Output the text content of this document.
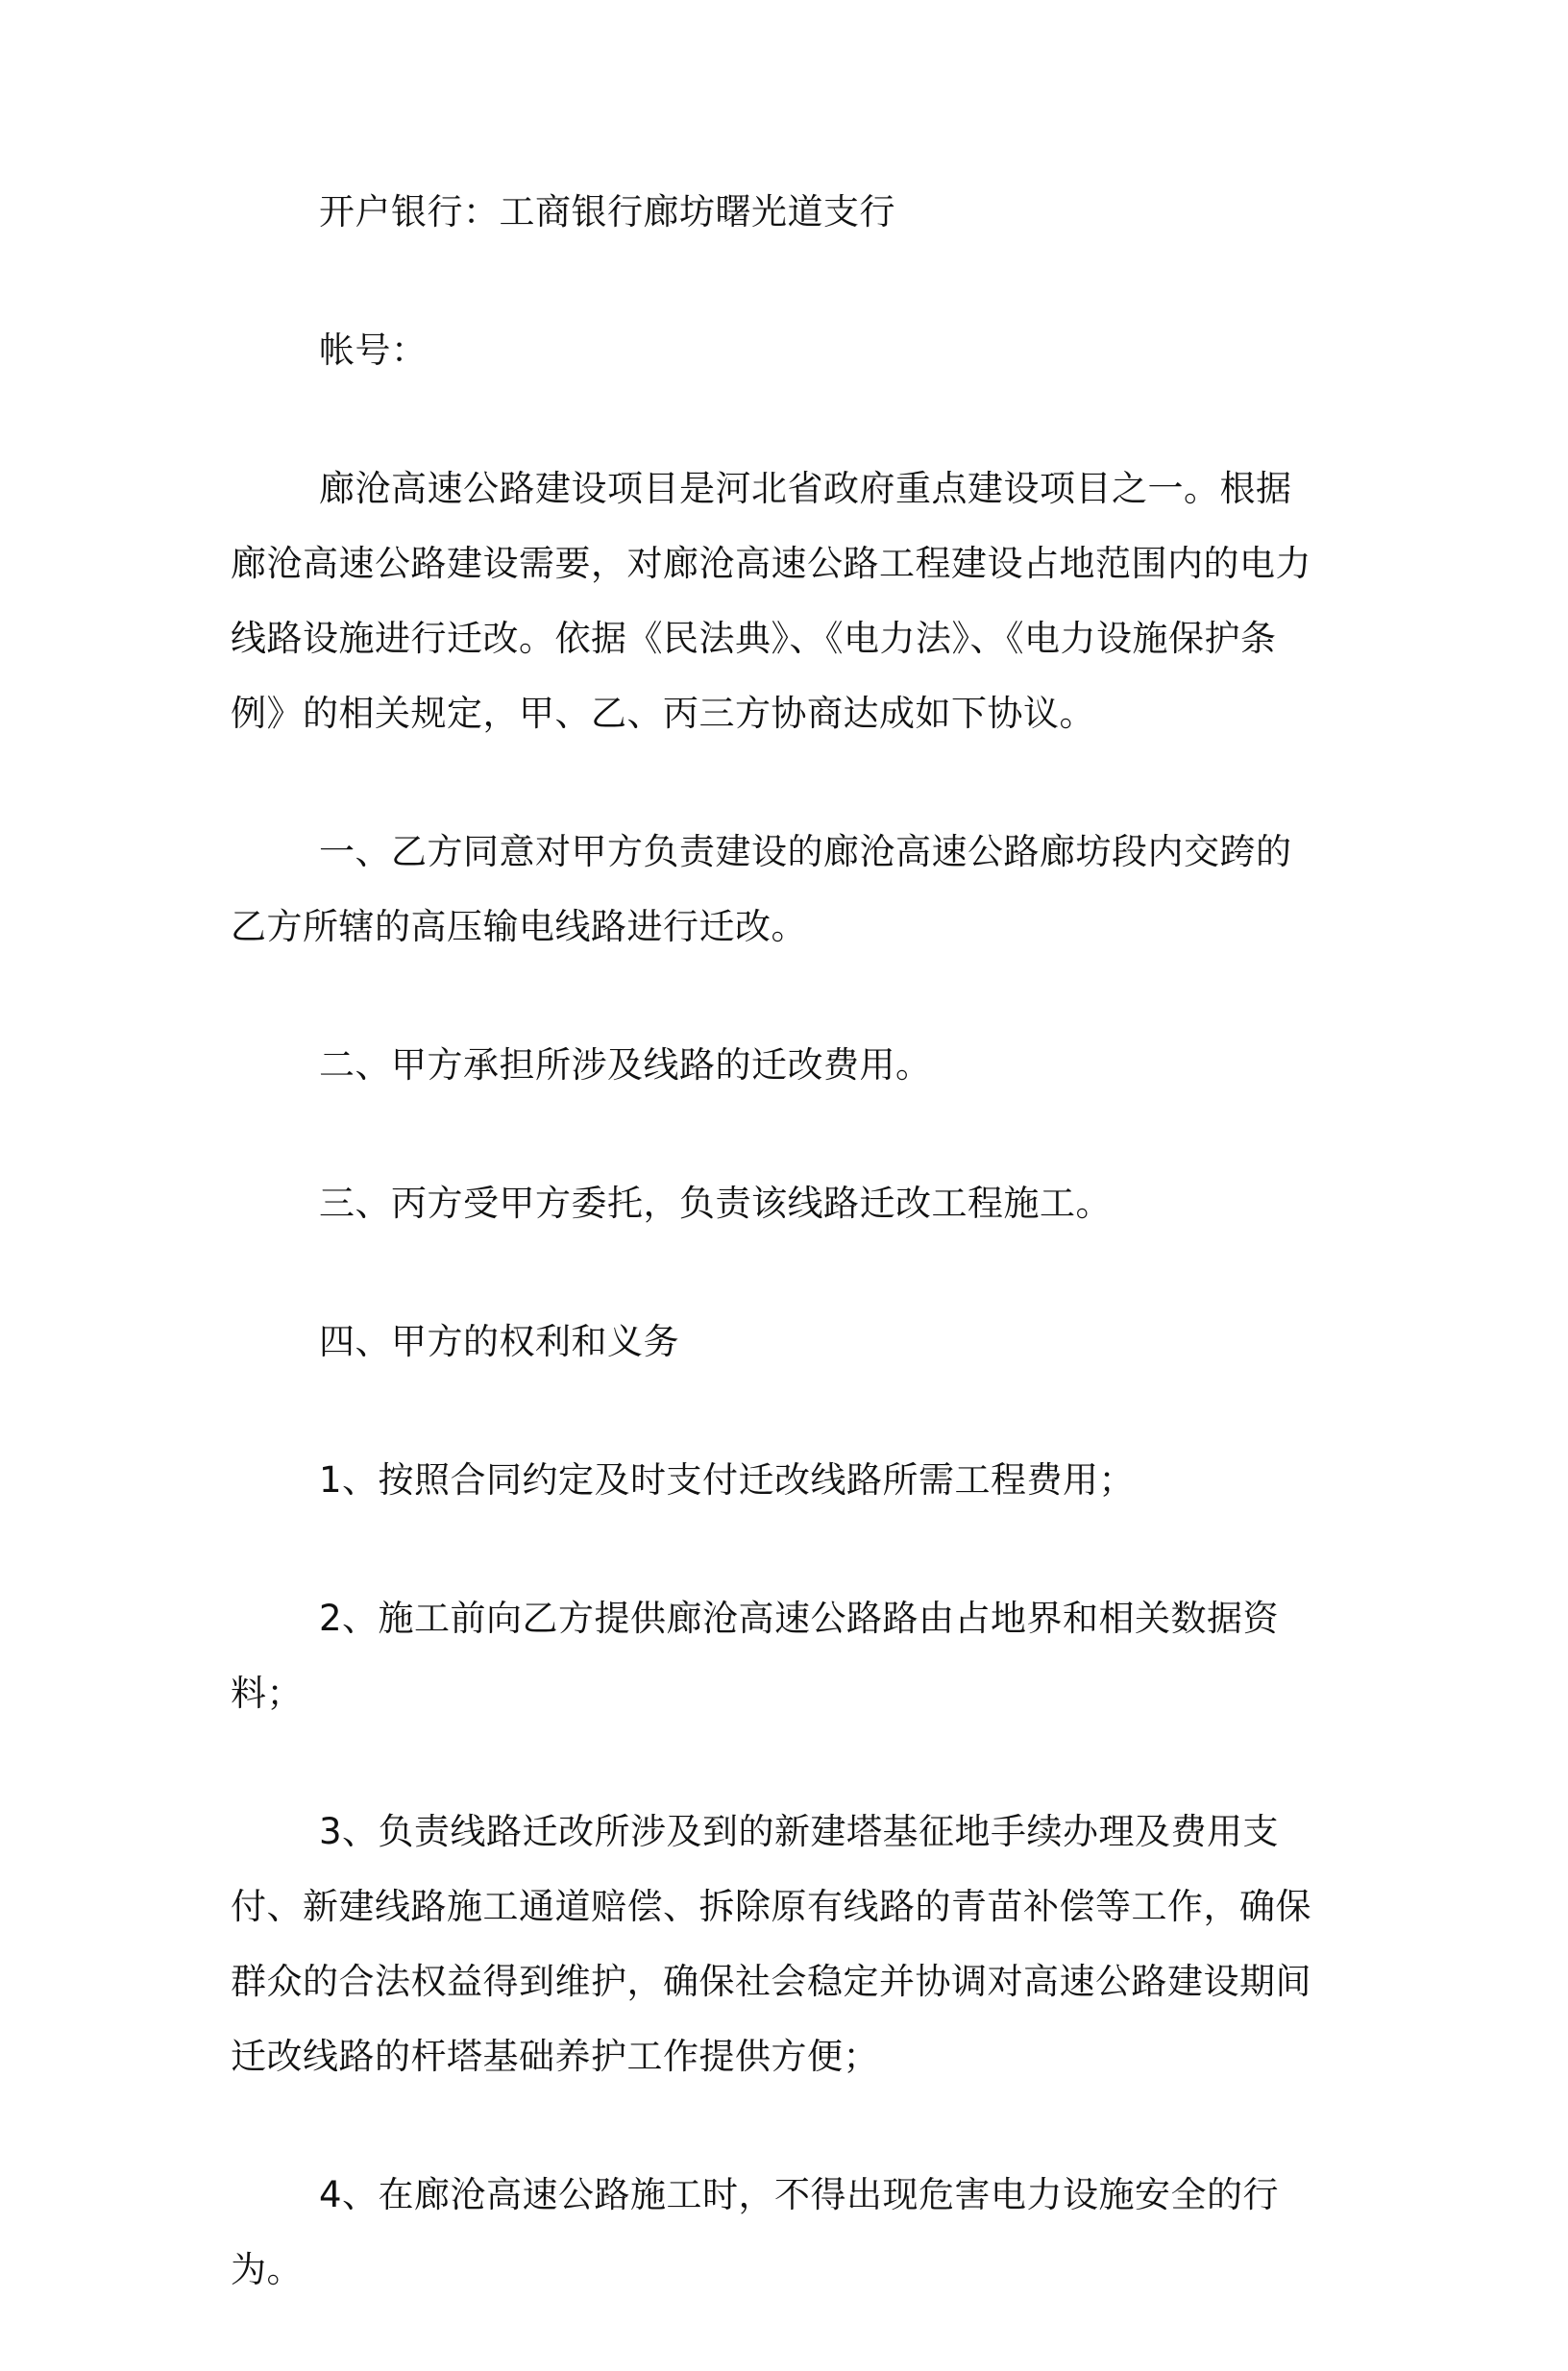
开户银行：工商银行廊坊曙光道支行

帐号：

廊沧高速公路建设项目是河北省政府重点建设项目之一。根据廊沧高速公路建设需要，对廊沧高速公路工程建设占地范围内的电力线路设施进行迁改。依据《民法典》、《电力法》、《电力设施保护条例》的相关规定，甲、乙、丙三方协商达成如下协议。

一、乙方同意对甲方负责建设的廊沧高速公路廊坊段内交跨的乙方所辖的高压输电线路进行迁改。

二、甲方承担所涉及线路的迁改费用。

三、丙方受甲方委托，负责该线路迁改工程施工。

四、甲方的权利和义务

1、按照合同约定及时支付迁改线路所需工程费用；

2、施工前向乙方提供廊沧高速公路路由占地界和相关数据资料；

3、负责线路迁改所涉及到的新建塔基征地手续办理及费用支付、新建线路施工通道赔偿、拆除原有线路的青苗补偿等工作，确保群众的合法权益得到维护，确保社会稳定并协调对高速公路建设期间迁改线路的杆塔基础养护工作提供方便；

4、在廊沧高速公路施工时，不得出现危害电力设施安全的行为。
